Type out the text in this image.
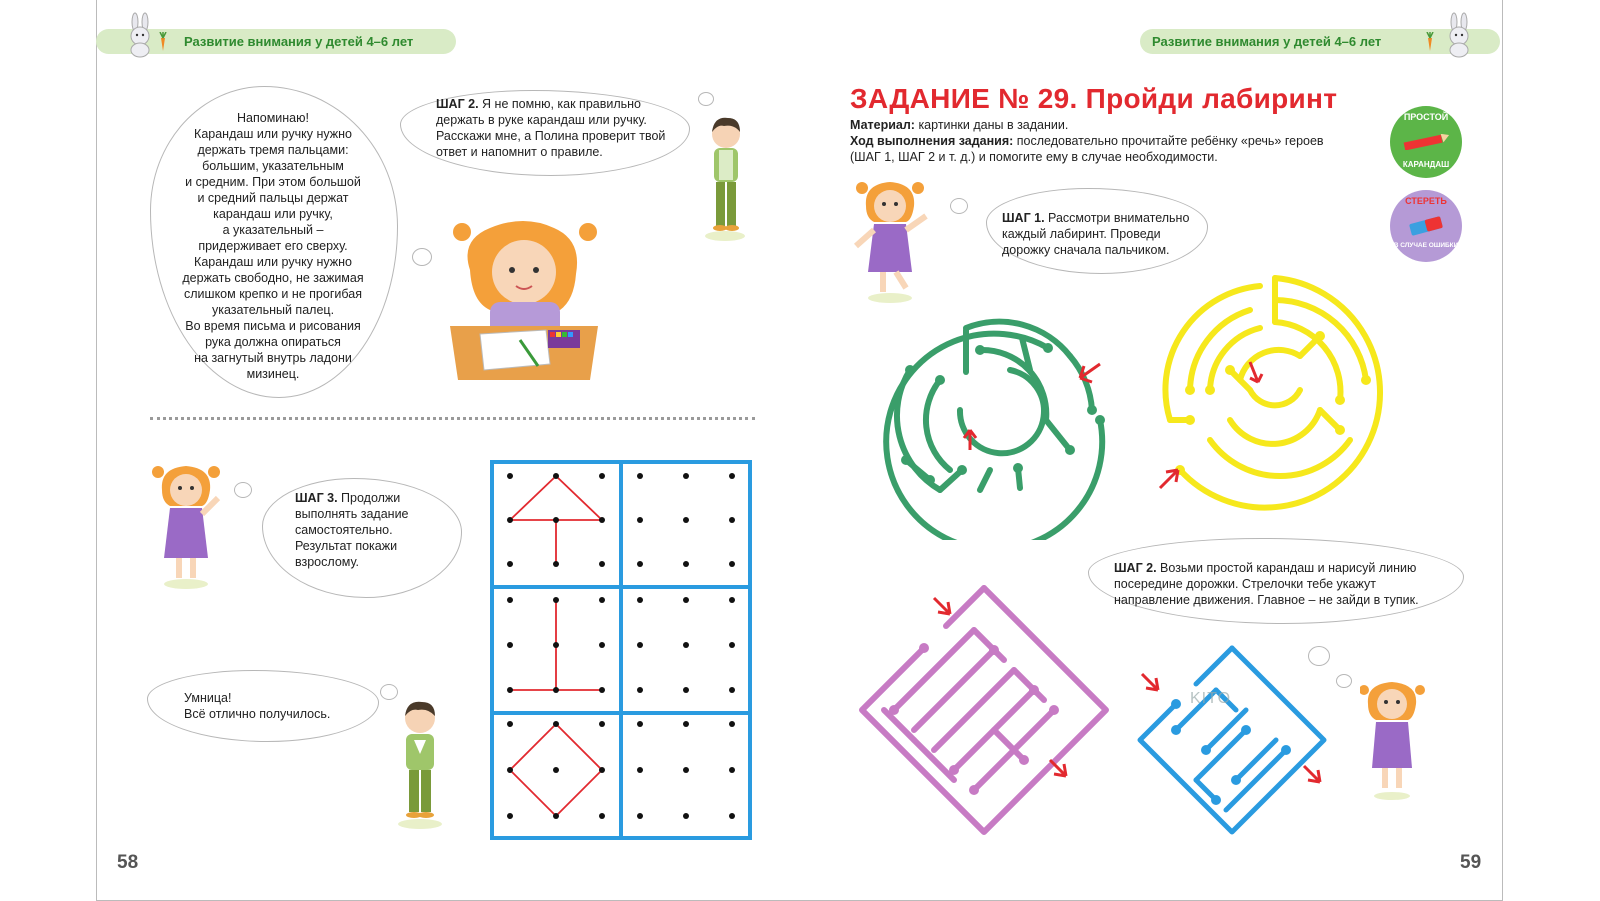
Развитие внимания у детей 4–6 лет	Развитие внимания у детей 4–6 лет
Напоминаю!
Карандаш или ручку нужно
держать тремя пальцами:
большим, указательным
и средним. При этом большой
и средний пальцы держат
карандаш или ручку,
а указательный –
придерживает его сверху.
Карандаш или ручку нужно
держать свободно, не зажимая
слишком крепко и не прогибая
указательный палец.
Во время письма и рисования
рука должна опираться
на загнутый внутрь ладони
мизинец.
ШАГ 2. Я не помню, как правильно
держать в руке карандаш или ручку.
Расскажи мне, а Полина проверит твой
ответ и напомнит о правиле.
ШАГ 3. Продолжи
выполнять задание
самостоятельно.
Результат покажи
взрослому.
Умница!
Всё отлично получилось.
58
ЗАДАНИЕ № 29. Пройди лабиринт
Материал: картинки даны в задании.
Ход выполнения задания: последовательно прочитайте ребёнку «речь» героев
(ШАГ 1, ШАГ 2 и т. д.) и помогите ему в случае необходимости.
ПРОСТОЙ
КАРАНДАШ
СТЕРЕТЬ
В СЛУЧАЕ ОШИБКИ
ШАГ 1. Рассмотри внимательно
каждый лабиринт. Проведи
дорожку сначала пальчиком.
ШАГ 2. Возьми простой карандаш и нарисуй линию
посередине дорожки. Стрелочки тебе укажут
направление движения. Главное – не зайди в тупик.
KITO
59
